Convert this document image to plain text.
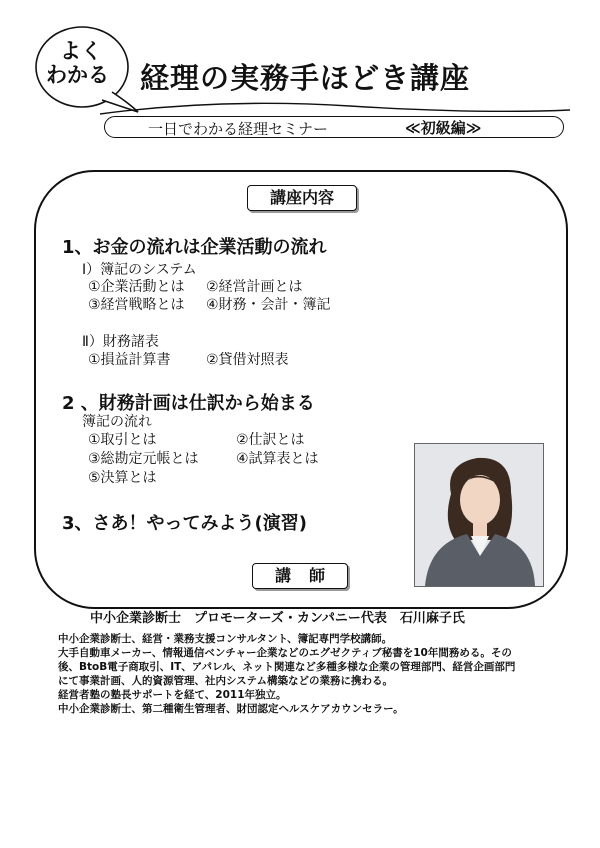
よく
わかる 経理の実務手ほどき講座
一日でわかる経理セミナー	≪初級編≫
講座内容
1、お金の流れは企業活動の流れ
Ⅰ）簿記のシステム
①企業活動とは ②経営計画とは
③経営戦略とは ④財務・会計・簿記
Ⅱ）財務諸表
①損益計算書	②貸借対照表
2 、財務計画は仕訳から始まる
簿記の流れ
①取引とは	②仕訳とは
③総勘定元帳とは	④試算表とは
⑤決算とは
3、さあ！やってみよう(演習)
講師
中小企業診断士　プロモーターズ・カンパニー代表　石川麻子氏
中小企業診断士、経営・業務支援コンサルタント、簿記専門学校講師。
大手自動車メーカー、情報通信ベンチャー企業などのエグゼクティブ秘書を10年間務める。その
後、BtoB電子商取引、IT、アパレル、ネット関連など多種多様な企業の管理部門、経営企画部門
にて事業計画、人的資源管理、社内システム構築などの業務に携わる。
経営者塾の塾長サポートを経て、2011年独立。
中小企業診断士、第二種衛生管理者、財団認定ヘルスケアカウンセラー。
